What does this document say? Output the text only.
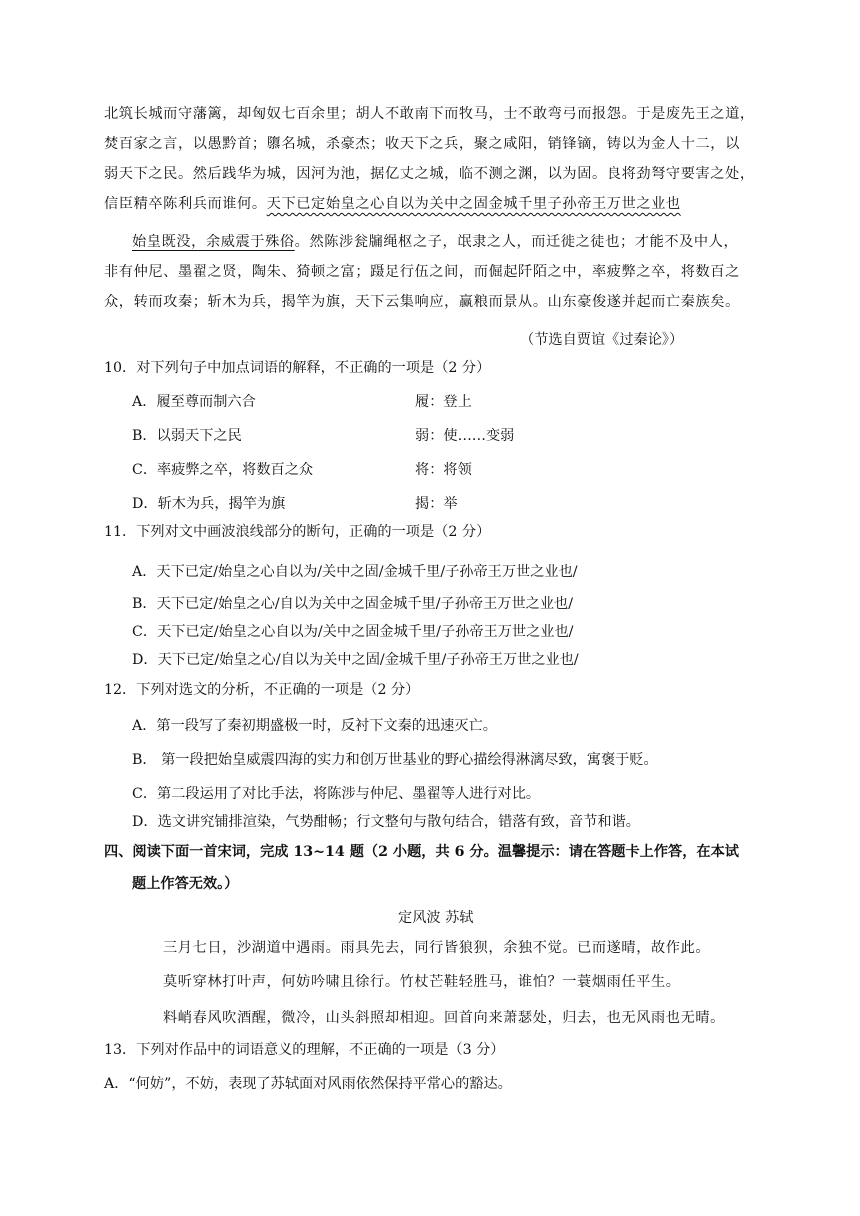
北筑长城而守藩篱，却匈奴七百余里；胡人不敢南下而牧马，士不敢弯弓而报怨。于是废先王之道，
焚百家之言，以愚黔首；隳名城，杀豪杰；收天下之兵，聚之咸阳，销锋镝，铸以为金人十二，以
弱天下之民。然后践华为城，因河为池，据亿丈之城，临不测之渊，以为固。良将劲弩守要害之处，
信臣精卒陈利兵而谁何。天下已定始皇之心自以为关中之固金城千里子孙帝王万世之业也
始皇既没，余威震于殊俗。然陈涉瓮牖绳枢之子，氓隶之人，而迁徙之徒也；才能不及中人，
非有仲尼、墨翟之贤，陶朱、猗顿之富；蹑足行伍之间，而倔起阡陌之中，率疲弊之卒，将数百之
众，转而攻秦；斩木为兵，揭竿为旗，天下云集响应，赢粮而景从。山东豪俊遂并起而亡秦族矣。
（节选自贾谊《过秦论》）
10．对下列句子中加点词语的解释，不正确的一项是（2 分）
A．履至尊而制六合	履：登上
B．以弱天下之民	弱：使……变弱
C．率疲弊之卒，将数百之众	将：将领
D．斩木为兵，揭竿为旗	揭：举
11．下列对文中画波浪线部分的断句，正确的一项是（2 分）
A．天下已定/始皇之心自以为/关中之固/金城千里/子孙帝王万世之业也/
B．天下已定/始皇之心/自以为关中之固金城千里/子孙帝王万世之业也/
C．天下已定/始皇之心自以为/关中之固金城千里/子孙帝王万世之业也/
D．天下已定/始皇之心/自以为关中之固/金城千里/子孙帝王万世之业也/
12．下列对选文的分析，不正确的一项是（2 分）
A．第一段写了秦初期盛极一时，反衬下文秦的迅速灭亡。
B． 第一段把始皇威震四海的实力和创万世基业的野心描绘得淋漓尽致，寓褒于贬。
C．第二段运用了对比手法，将陈涉与仲尼、墨翟等人进行对比。
D．选文讲究铺排渲染，气势酣畅；行文整句与散句结合，错落有致，音节和谐。
四、阅读下面一首宋词，完成 13~14 题（2 小题，共 6 分。温馨提示：请在答题卡上作答，在本试
题上作答无效。）
定风波 苏轼
三月七日，沙湖道中遇雨。雨具先去，同行皆狼狈，余独不觉。已而遂晴，故作此。
莫听穿林打叶声，何妨吟啸且徐行。竹杖芒鞋轻胜马，谁怕？一蓑烟雨任平生。
料峭春风吹酒醒，微冷，山头斜照却相迎。回首向来萧瑟处，归去，也无风雨也无晴。
13．下列对作品中的词语意义的理解，不正确的一项是（3 分）
A．“何妨”，不妨，表现了苏轼面对风雨依然保持平常心的豁达。
